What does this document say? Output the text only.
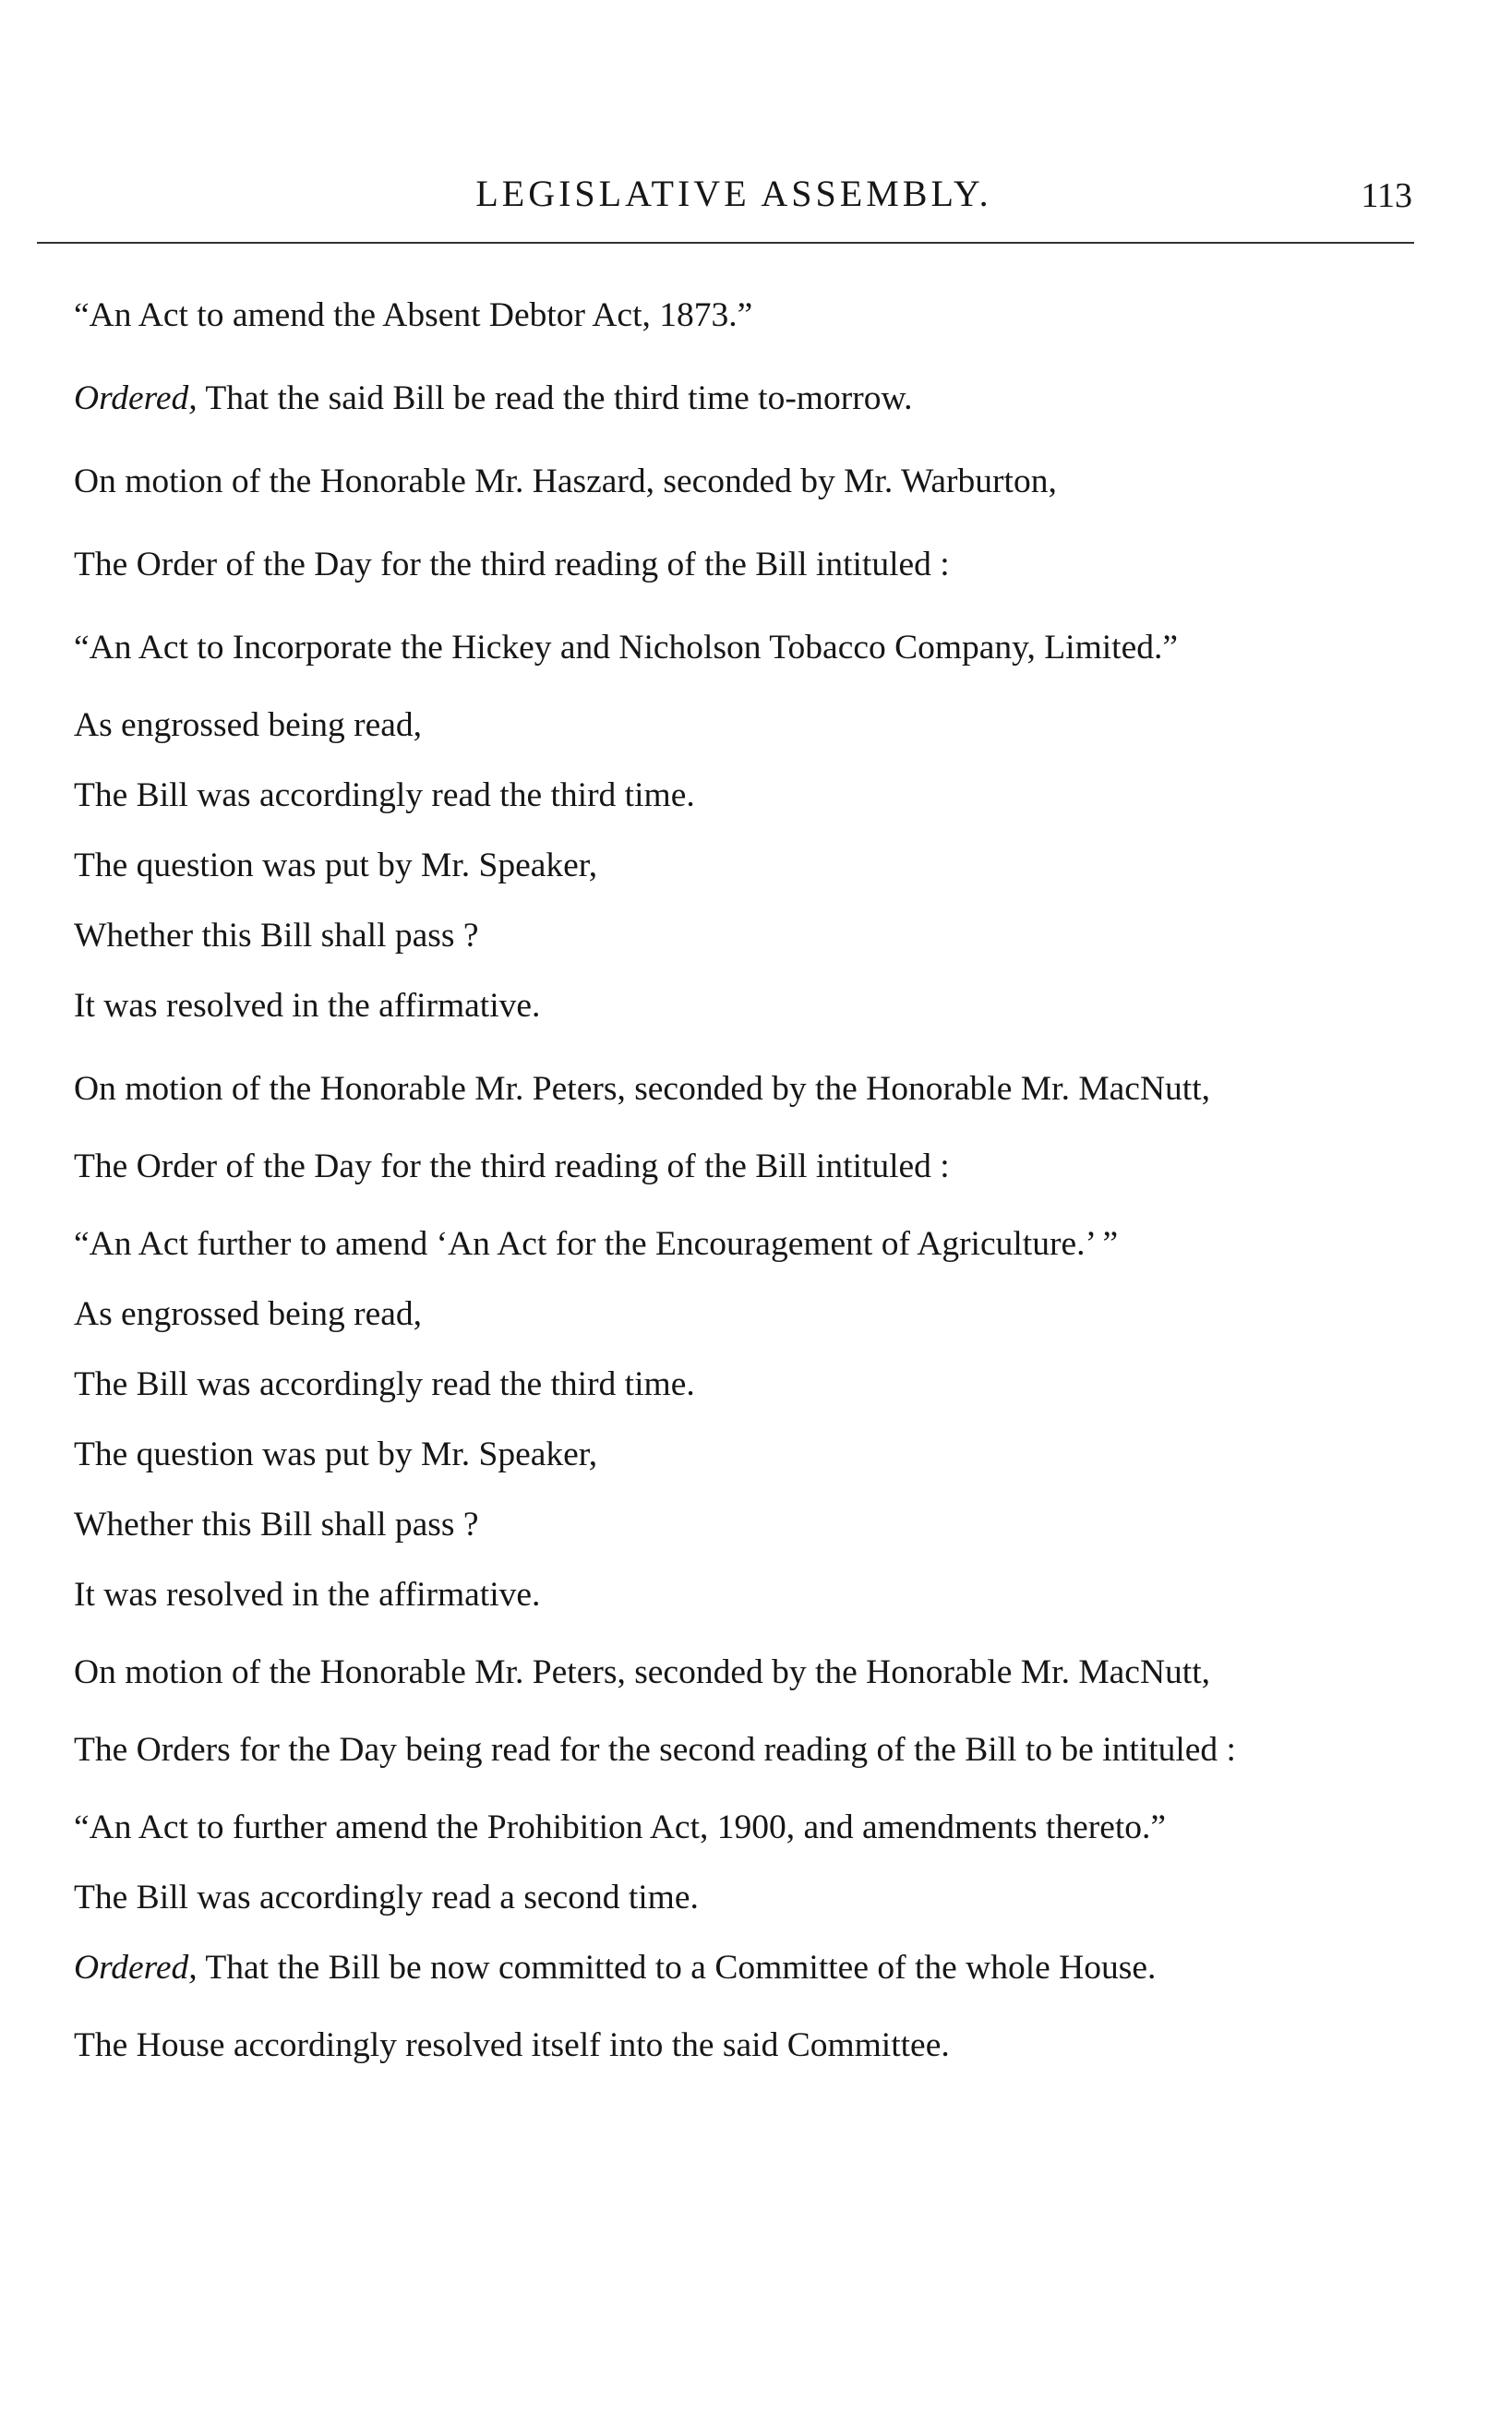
LEGISLATIVE ASSEMBLY.	113

“An Act to amend the Absent Debtor Act, 1873.”

Ordered, That the said Bill be read the third time to-morrow.

On motion of the Honorable Mr. Haszard, seconded by Mr. Warburton,

The Order of the Day for the third reading of the Bill intituled :

“An Act to Incorporate the Hickey and Nicholson Tobacco Company, Limited.”

As engrossed being read,

The Bill was accordingly read the third time.

The question was put by Mr. Speaker,

Whether this Bill shall pass ?

It was resolved in the affirmative.

On motion of the Honorable Mr. Peters, seconded by the Honorable Mr. MacNutt,

The Order of the Day for the third reading of the Bill intituled :

“An Act further to amend ‘An Act for the Encouragement of Agriculture.’ ”

As engrossed being read,

The Bill was accordingly read the third time.

The question was put by Mr. Speaker,

Whether this Bill shall pass ?

It was resolved in the affirmative.

On motion of the Honorable Mr. Peters, seconded by the Honorable Mr. MacNutt,

The Orders for the Day being read for the second reading of the Bill to be intituled :

“An Act to further amend the Prohibition Act, 1900, and amendments thereto.”

The Bill was accordingly read a second time.

Ordered, That the Bill be now committed to a Committee of the whole House.

The House accordingly resolved itself into the said Committee.
